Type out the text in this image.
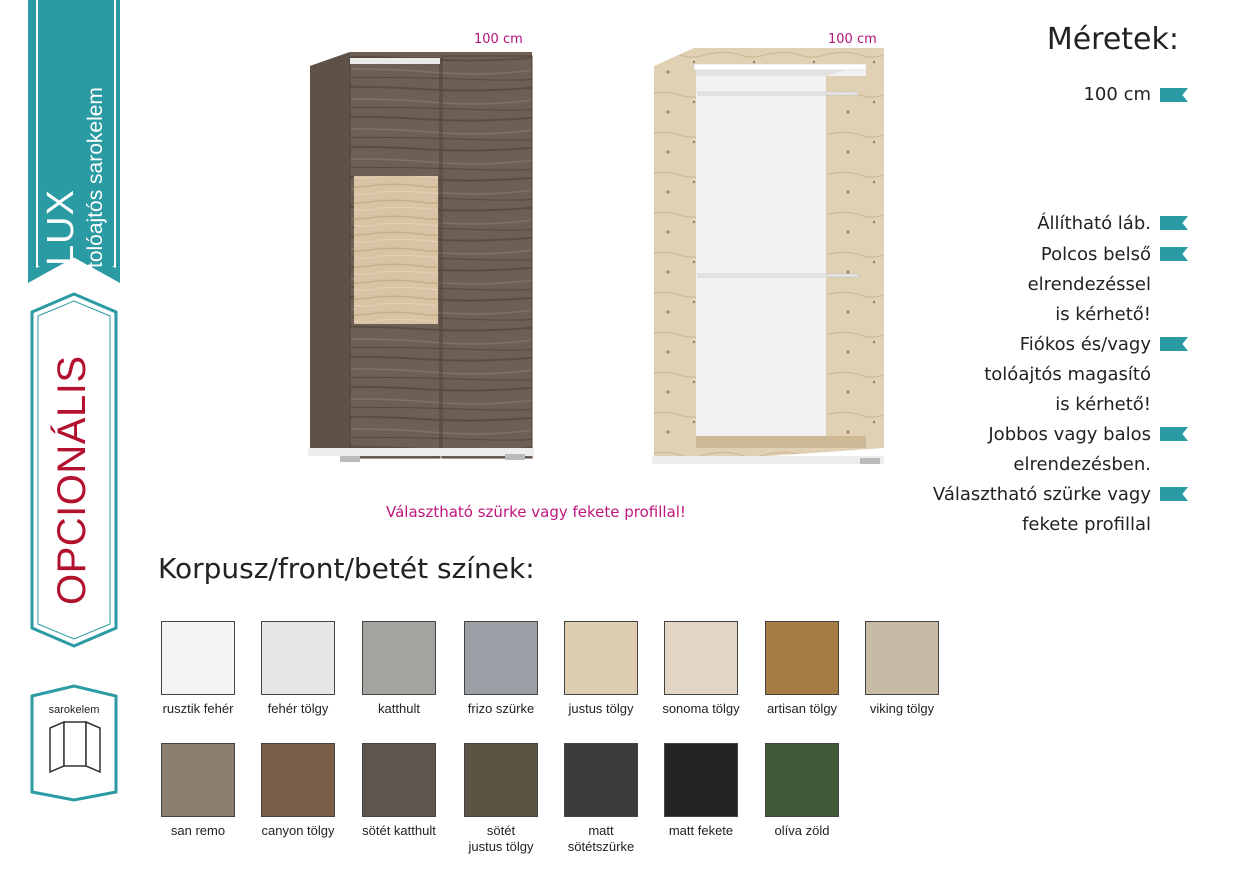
LUX tolóajtós sarokelem
OPCIONÁLIS
sarokelem
100 cm	100 cm
Választható szürke vagy fekete profillal!
Méretek:
100 cm
Állítható láb.
Polcos belső
elrendezéssel
is kérhető!
Fiókos és/vagy
tolóajtós magasító
is kérhető!
Jobbos vagy balos
elrendezésben.
Választható szürke vagy
fekete profillal
Korpusz/front/betét színek:
rusztik fehér	fehér tölgy	katthult	frizo szürke	justus tölgy	sonoma tölgy	artisan tölgy	viking tölgy
san remo	canyon tölgy	sötét katthult	sötét
justus tölgy
matt
sötétszürke
matt fekete	olíva zöld
